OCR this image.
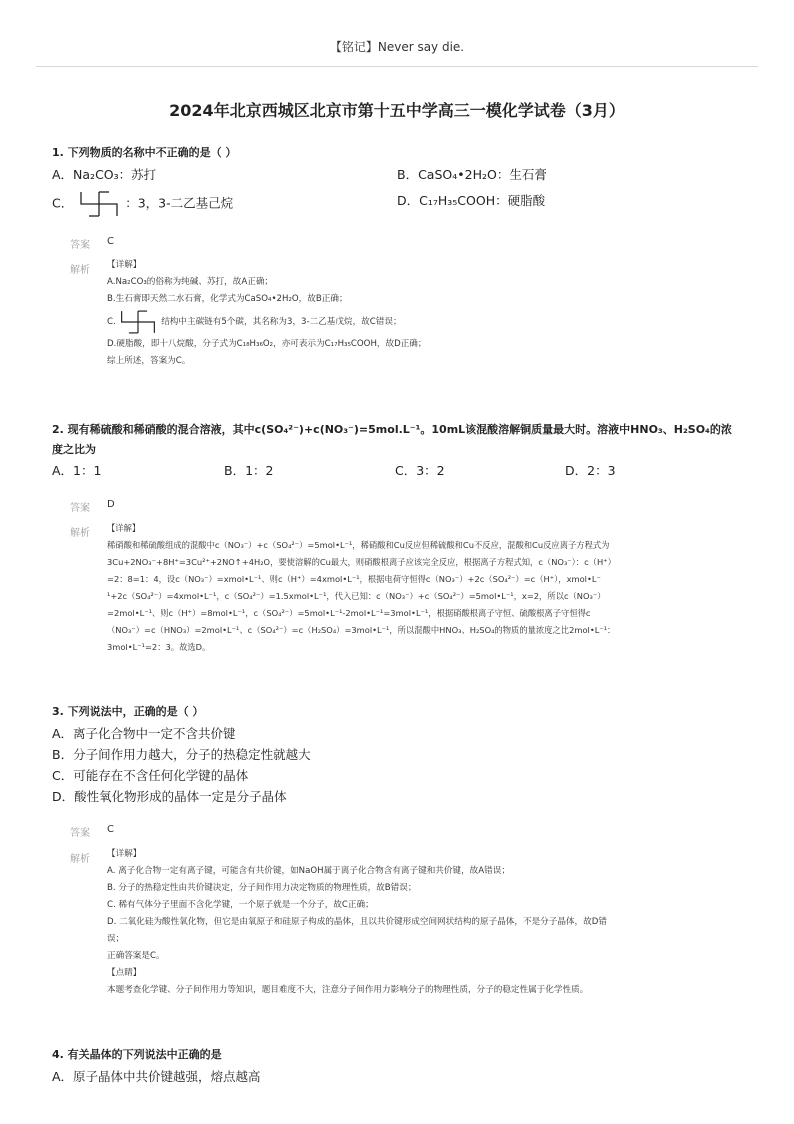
【铭记】Never say die.
2024年北京西城区北京市第十五中学高三一模化学试卷（3月）
1. 下列物质的名称中不正确的是（ ）
A．Na₂CO₃：苏打	B．CaSO₄•2H₂O：生石膏
C．	：3，3-二乙基己烷	D．C₁₇H₃₅COOH：硬脂酸
答案 C
解析 【详解】
A.Na₂CO₃的俗称为纯碱、苏打，故A正确；
B.生石膏即天然二水石膏，化学式为CaSO₄•2H₂O，故B正确；
C.	结构中主碳链有5个碳，其名称为3，3-二乙基戊烷，故C错误；
D.硬脂酸，即十八烷酸，分子式为C₁₈H₃₆O₂，亦可表示为C₁₇H₃₅COOH，故D正确；
综上所述，答案为C。
2. 现有稀硫酸和稀硝酸的混合溶液，其中c(SO₄²⁻)+c(NO₃⁻)=5mol.L⁻¹。10mL该混酸溶解铜质量最大时。溶液中HNO₃、H₂SO₄的浓
度之比为
A．1：1	B．1：2	C．3：2	D．2：3
答案 D
解析 【详解】
稀硝酸和稀硫酸组成的混酸中c（NO₃⁻）+c（SO₄²⁻）=5mol•L⁻¹，稀硝酸和Cu反应但稀硫酸和Cu不反应，混酸和Cu反应离子方程式为
3Cu+2NO₃⁻+8H⁺=3Cu²⁺+2NO↑+4H₂O，要使溶解的Cu最大，则硝酸根离子应该完全反应，根据离子方程式知，c（NO₃⁻）：c（H⁺）
=2：8=1：4，设c（NO₃⁻）=xmol•L⁻¹、则c（H⁺）=4xmol•L⁻¹，根据电荷守恒得c（NO₃⁻）+2c（SO₄²⁻）=c（H⁺），xmol•L⁻
¹+2c（SO₄²⁻）=4xmol•L⁻¹，c（SO₄²⁻）=1.5xmol•L⁻¹，代入已知：c（NO₃⁻）+c（SO₄²⁻）=5mol•L⁻¹，x=2，所以c（NO₃⁻）
=2mol•L⁻¹、则c（H⁺）=8mol•L⁻¹，c（SO₄²⁻）=5mol•L⁻¹-2mol•L⁻¹=3mol•L⁻¹，根据硝酸根离子守恒、硫酸根离子守恒得c
（NO₃⁻）=c（HNO₃）=2mol•L⁻¹、c（SO₄²⁻）=c（H₂SO₄）=3mol•L⁻¹，所以混酸中HNO₃、H₂SO₄的物质的量浓度之比2mol•L⁻¹：
3mol•L⁻¹=2：3。故选D。
3. 下列说法中，正确的是（ ）
A．离子化合物中一定不含共价键
B．分子间作用力越大，分子的热稳定性就越大
C．可能存在不含任何化学键的晶体
D．酸性氧化物形成的晶体一定是分子晶体
答案 C
解析 【详解】
A. 离子化合物一定有离子键，可能含有共价键，如NaOH属于离子化合物含有离子键和共价键，故A错误；
B. 分子的热稳定性由共价键决定，分子间作用力决定物质的物理性质，故B错误；
C. 稀有气体分子里面不含化学键，一个原子就是一个分子，故C正确；
D. 二氧化硅为酸性氧化物，但它是由氧原子和硅原子构成的晶体，且以共价键形成空间网状结构的原子晶体，不是分子晶体，故D错
误；
正确答案是C。
【点睛】
本题考查化学键、分子间作用力等知识，题目难度不大，注意分子间作用力影响分子的物理性质，分子的稳定性属于化学性质。
4. 有关晶体的下列说法中正确的是
A．原子晶体中共价键越强，熔点越高
